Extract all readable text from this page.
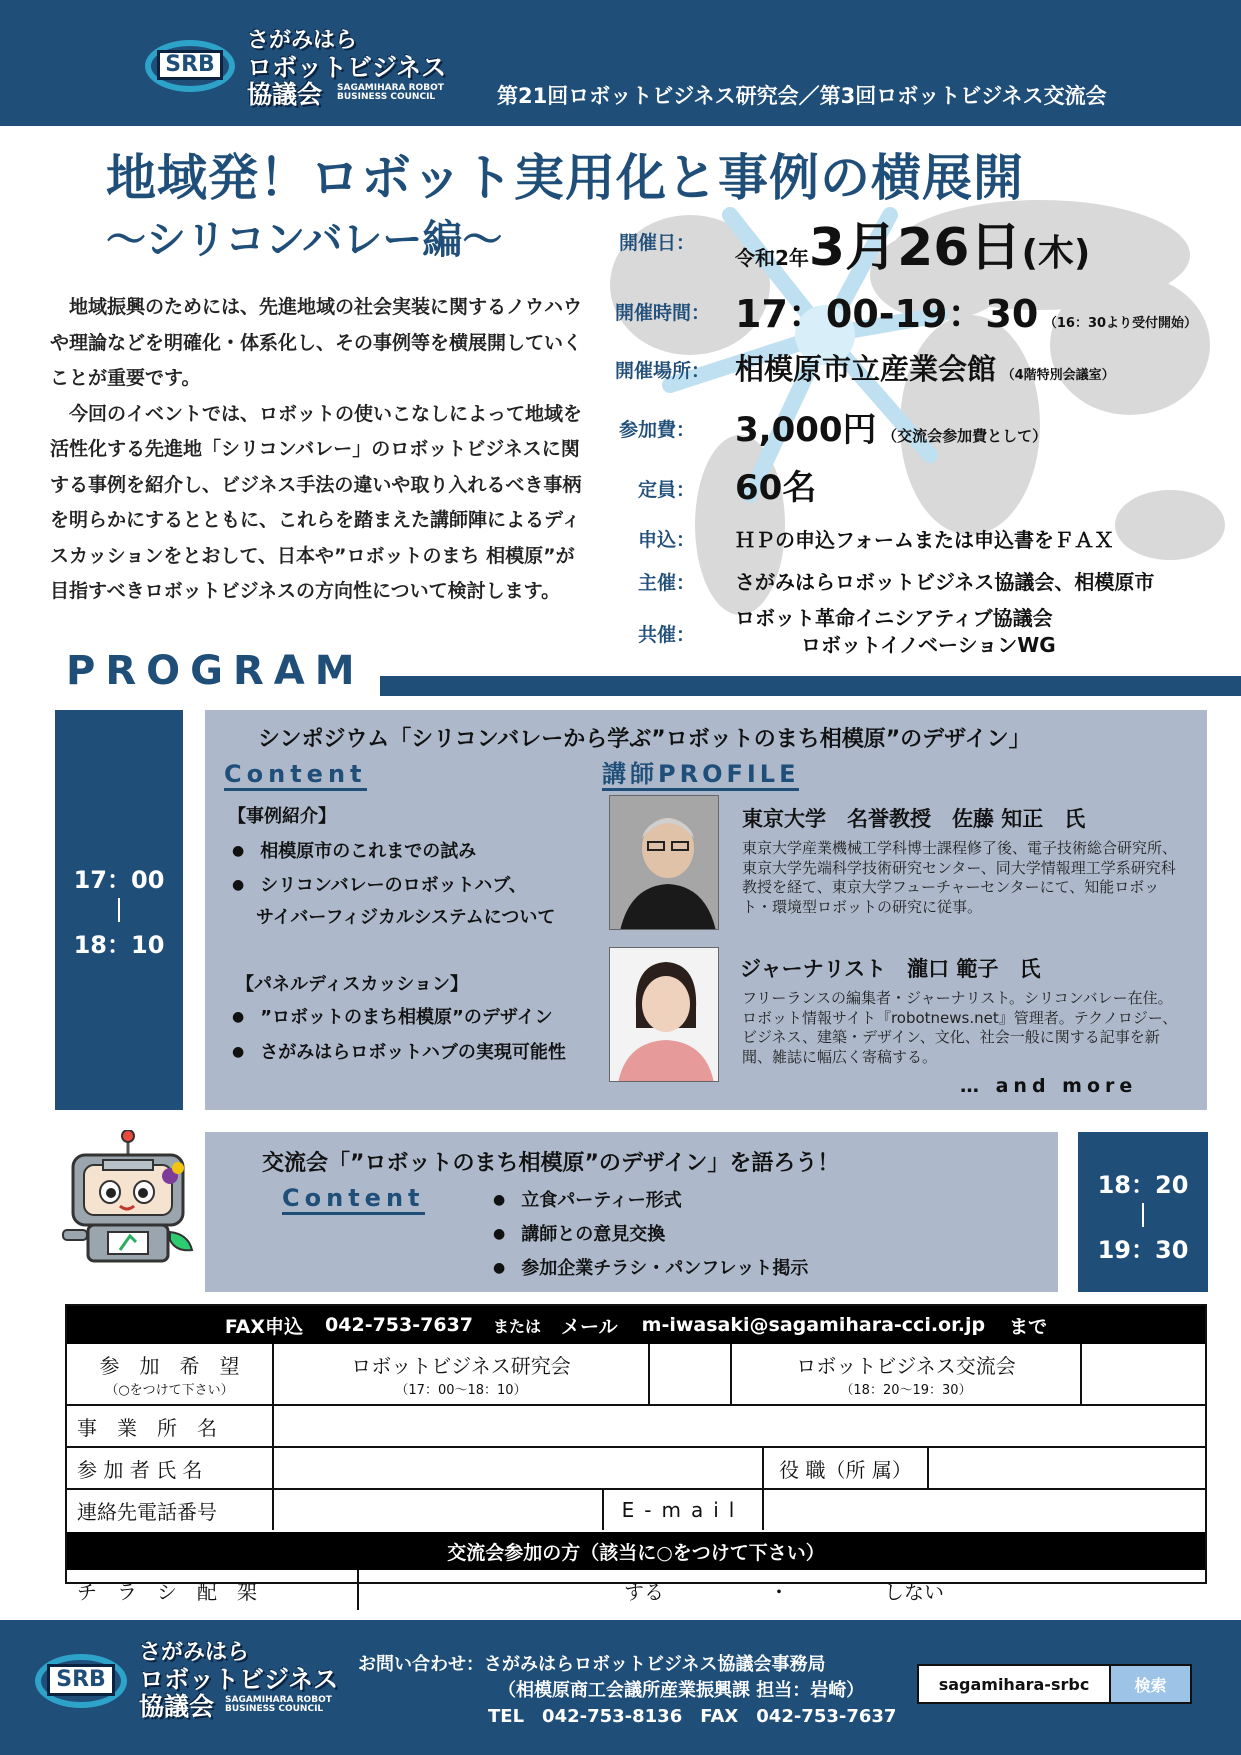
SRB
さがみはら
ロボットビジネス
協議会 SAGAMIHARA ROBOT BUSINESS COUNCIL	第21回ロボットビジネス研究会／第3回ロボットビジネス交流会
地域発！ロボット実用化と事例の横展開
～シリコンバレー編～

地域振興のためには、先進地域の社会実装に関するノウハウや理論などを明確化・体系化し、その事例等を横展開していくことが重要です。

今回のイベントでは、ロボットの使いこなしによって地域を活性化する先進地「シリコンバレー」のロボットビジネスに関する事例を紹介し、ビジネス手法の違いや取り入れるべき事柄を明らかにするとともに、これらを踏まえた講師陣によるディスカッションをとおして、日本や”ロボットのまち 相模原”が目指すべきロボットビジネスの方向性について検討します。

開催日：
令和2年3月26日(木)
開催時間： 17：00-19：30 （16：30より受付開始）
開催場所： 相模原市立産業会館 （4階特別会議室）
参加費： 3,000円 （交流会参加費として）
定員： 60名
申込： ＨＰの申込フォームまたは申込書をＦＡＸ
主催： さがみはらロボットビジネス協議会、相模原市
共催：
ロボット革命イニシアティブ協議会
ロボットイノベーションWG
PROGRAM
17：00
18：10
シンポジウム「シリコンバレーから学ぶ”ロボットのまち相模原”のデザイン」
Content	講師PROFILE
【事例紹介】
● 相模原市のこれまでの試み
● シリコンバレーのロボットハブ、
サイバーフィジカルシステムについて
【パネルディスカッション】
● ”ロボットのまち相模原”のデザイン
● さがみはらロボットハブの実現可能性
東京大学　名誉教授　佐藤 知正　氏
東京大学産業機械工学科博士課程修了後、電子技術総合研究所、東京大学先端科学技術研究センター、同大学情報理工学系研究科教授を経て、東京大学フューチャーセンターにて、知能ロボット・環境型ロボットの研究に従事。
ジャーナリスト　瀧口 範子　氏
フリーランスの編集者・ジャーナリスト。シリコンバレー在住。ロボット情報サイト『robotnews.net』管理者。テクノロジー、ビジネス、建築・デザイン、文化、社会一般に関する記事を新聞、雑誌に幅広く寄稿する。
… and more
交流会「”ロボットのまち相模原”のデザイン」を語ろう！
Content
●	立食パーティー形式
● 講師との意見交換
● 参加企業チラシ・パンフレット掲示
18：20
19：30
FAX申込 042-753-7637 または メール m-iwasaki@sagamihara-cci.or.jp まで
参　加　希　望
（○をつけて下さい）
ロボットビジネス研究会
（17：00～18：10）
ロボットビジネス交流会
（18：20～19：30）
事　業　所　名
参 加 者 氏 名	役 職（所 属）
連絡先電話番号	E-mail
交流会参加の方（該当に○をつけて下さい）
チ　ラ　シ　配　架	する	・	しない
SRB
さがみはら
ロボットビジネス
協議会 SAGAMIHARA ROBOT BUSINESS COUNCIL
お問い合わせ：さがみはらロボットビジネス協議会事務局
（相模原商工会議所産業振興課 担当：岩崎）
TEL　042-753-8136　FAX　042-753-7637
sagamihara-srbc
検索
